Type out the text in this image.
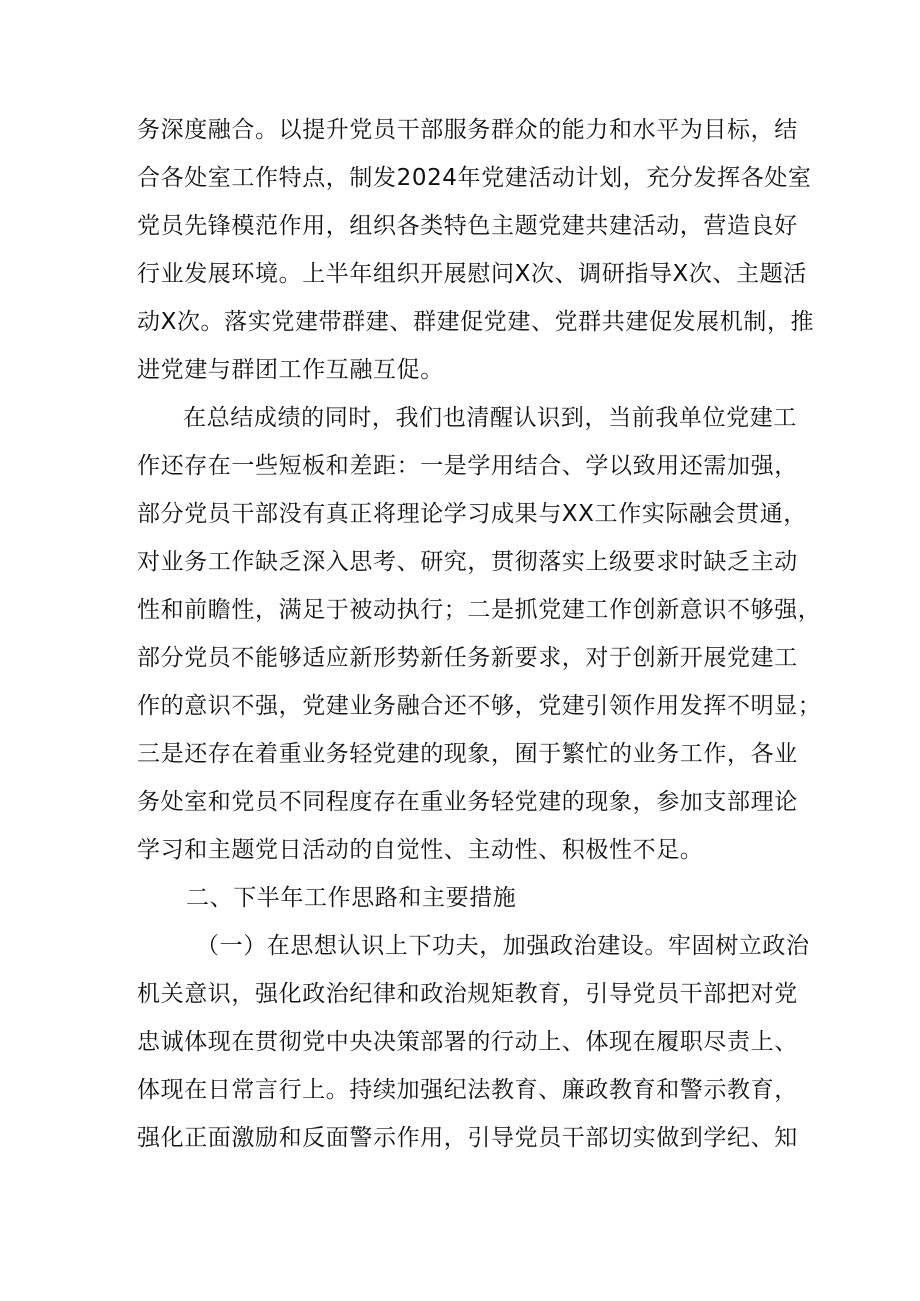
务深度融合。以提升党员干部服务群众的能力和水平为目标，结
合各处室工作特点，制发2024年党建活动计划，充分发挥各处室
党员先锋模范作用，组织各类特色主题党建共建活动，营造良好
行业发展环境。上半年组织开展慰问X次、调研指导X次、主题活
动X次。落实党建带群建、群建促党建、党群共建促发展机制，推
进党建与群团工作互融互促。
在总结成绩的同时，我们也清醒认识到，当前我单位党建工
作还存在一些短板和差距：一是学用结合、学以致用还需加强，
部分党员干部没有真正将理论学习成果与XX工作实际融会贯通，
对业务工作缺乏深入思考、研究，贯彻落实上级要求时缺乏主动
性和前瞻性，满足于被动执行；二是抓党建工作创新意识不够强，
部分党员不能够适应新形势新任务新要求，对于创新开展党建工
作的意识不强，党建业务融合还不够，党建引领作用发挥不明显；
三是还存在着重业务轻党建的现象，囿于繁忙的业务工作，各业
务处室和党员不同程度存在重业务轻党建的现象，参加支部理论
学习和主题党日活动的自觉性、主动性、积极性不足。
二、下半年工作思路和主要措施
（一）在思想认识上下功夫，加强政治建设。牢固树立政治
机关意识，强化政治纪律和政治规矩教育，引导党员干部把对党
忠诚体现在贯彻党中央决策部署的行动上、体现在履职尽责上、
体现在日常言行上。持续加强纪法教育、廉政教育和警示教育，
强化正面激励和反面警示作用，引导党员干部切实做到学纪、知
